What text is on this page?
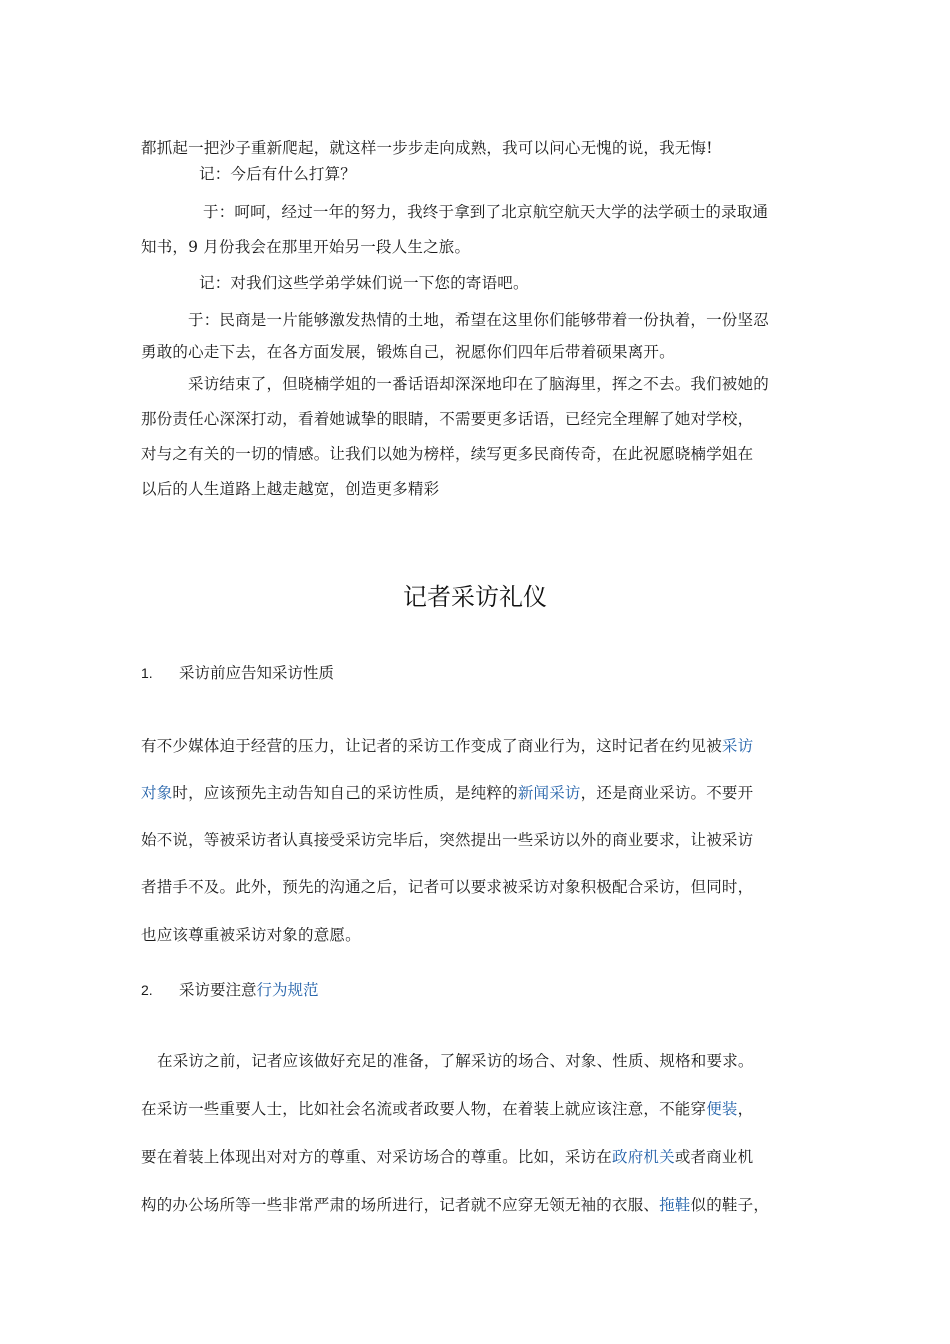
都抓起一把沙子重新爬起，就这样一步步走向成熟，我可以问心无愧的说，我无悔!
记：今后有什么打算？
于：呵呵，经过一年的努力，我终于拿到了北京航空航天大学的法学硕士的录取通
知书，9 月份我会在那里开始另一段人生之旅。
记：对我们这些学弟学妹们说一下您的寄语吧。
于：民商是一片能够激发热情的土地，希望在这里你们能够带着一份执着，一份坚忍
勇敢的心走下去，在各方面发展，锻炼自己，祝愿你们四年后带着硕果离开。
采访结束了，但晓楠学姐的一番话语却深深地印在了脑海里，挥之不去。我们被她的
那份责任心深深打动，看着她诚挚的眼睛，不需要更多话语，已经完全理解了她对学校，
对与之有关的一切的情感。让我们以她为榜样，续写更多民商传奇，在此祝愿晓楠学姐在
以后的人生道路上越走越宽，创造更多精彩
记者采访礼仪
1. 采访前应告知采访性质
有不少媒体迫于经营的压力，让记者的采访工作变成了商业行为，这时记者在约见被采访
对象时，应该预先主动告知自己的采访性质，是纯粹的新闻采访，还是商业采访。不要开
始不说，等被采访者认真接受采访完毕后，突然提出一些采访以外的商业要求，让被采访
者措手不及。此外，预先的沟通之后，记者可以要求被采访对象积极配合采访，但同时，
也应该尊重被采访对象的意愿。
2. 采访要注意行为规范
在采访之前，记者应该做好充足的准备，了解采访的场合、对象、性质、规格和要求。
在采访一些重要人士，比如社会名流或者政要人物，在着装上就应该注意，不能穿便装，
要在着装上体现出对对方的尊重、对采访场合的尊重。比如，采访在政府机关或者商业机
构的办公场所等一些非常严肃的场所进行，记者就不应穿无领无袖的衣服、拖鞋似的鞋子，
